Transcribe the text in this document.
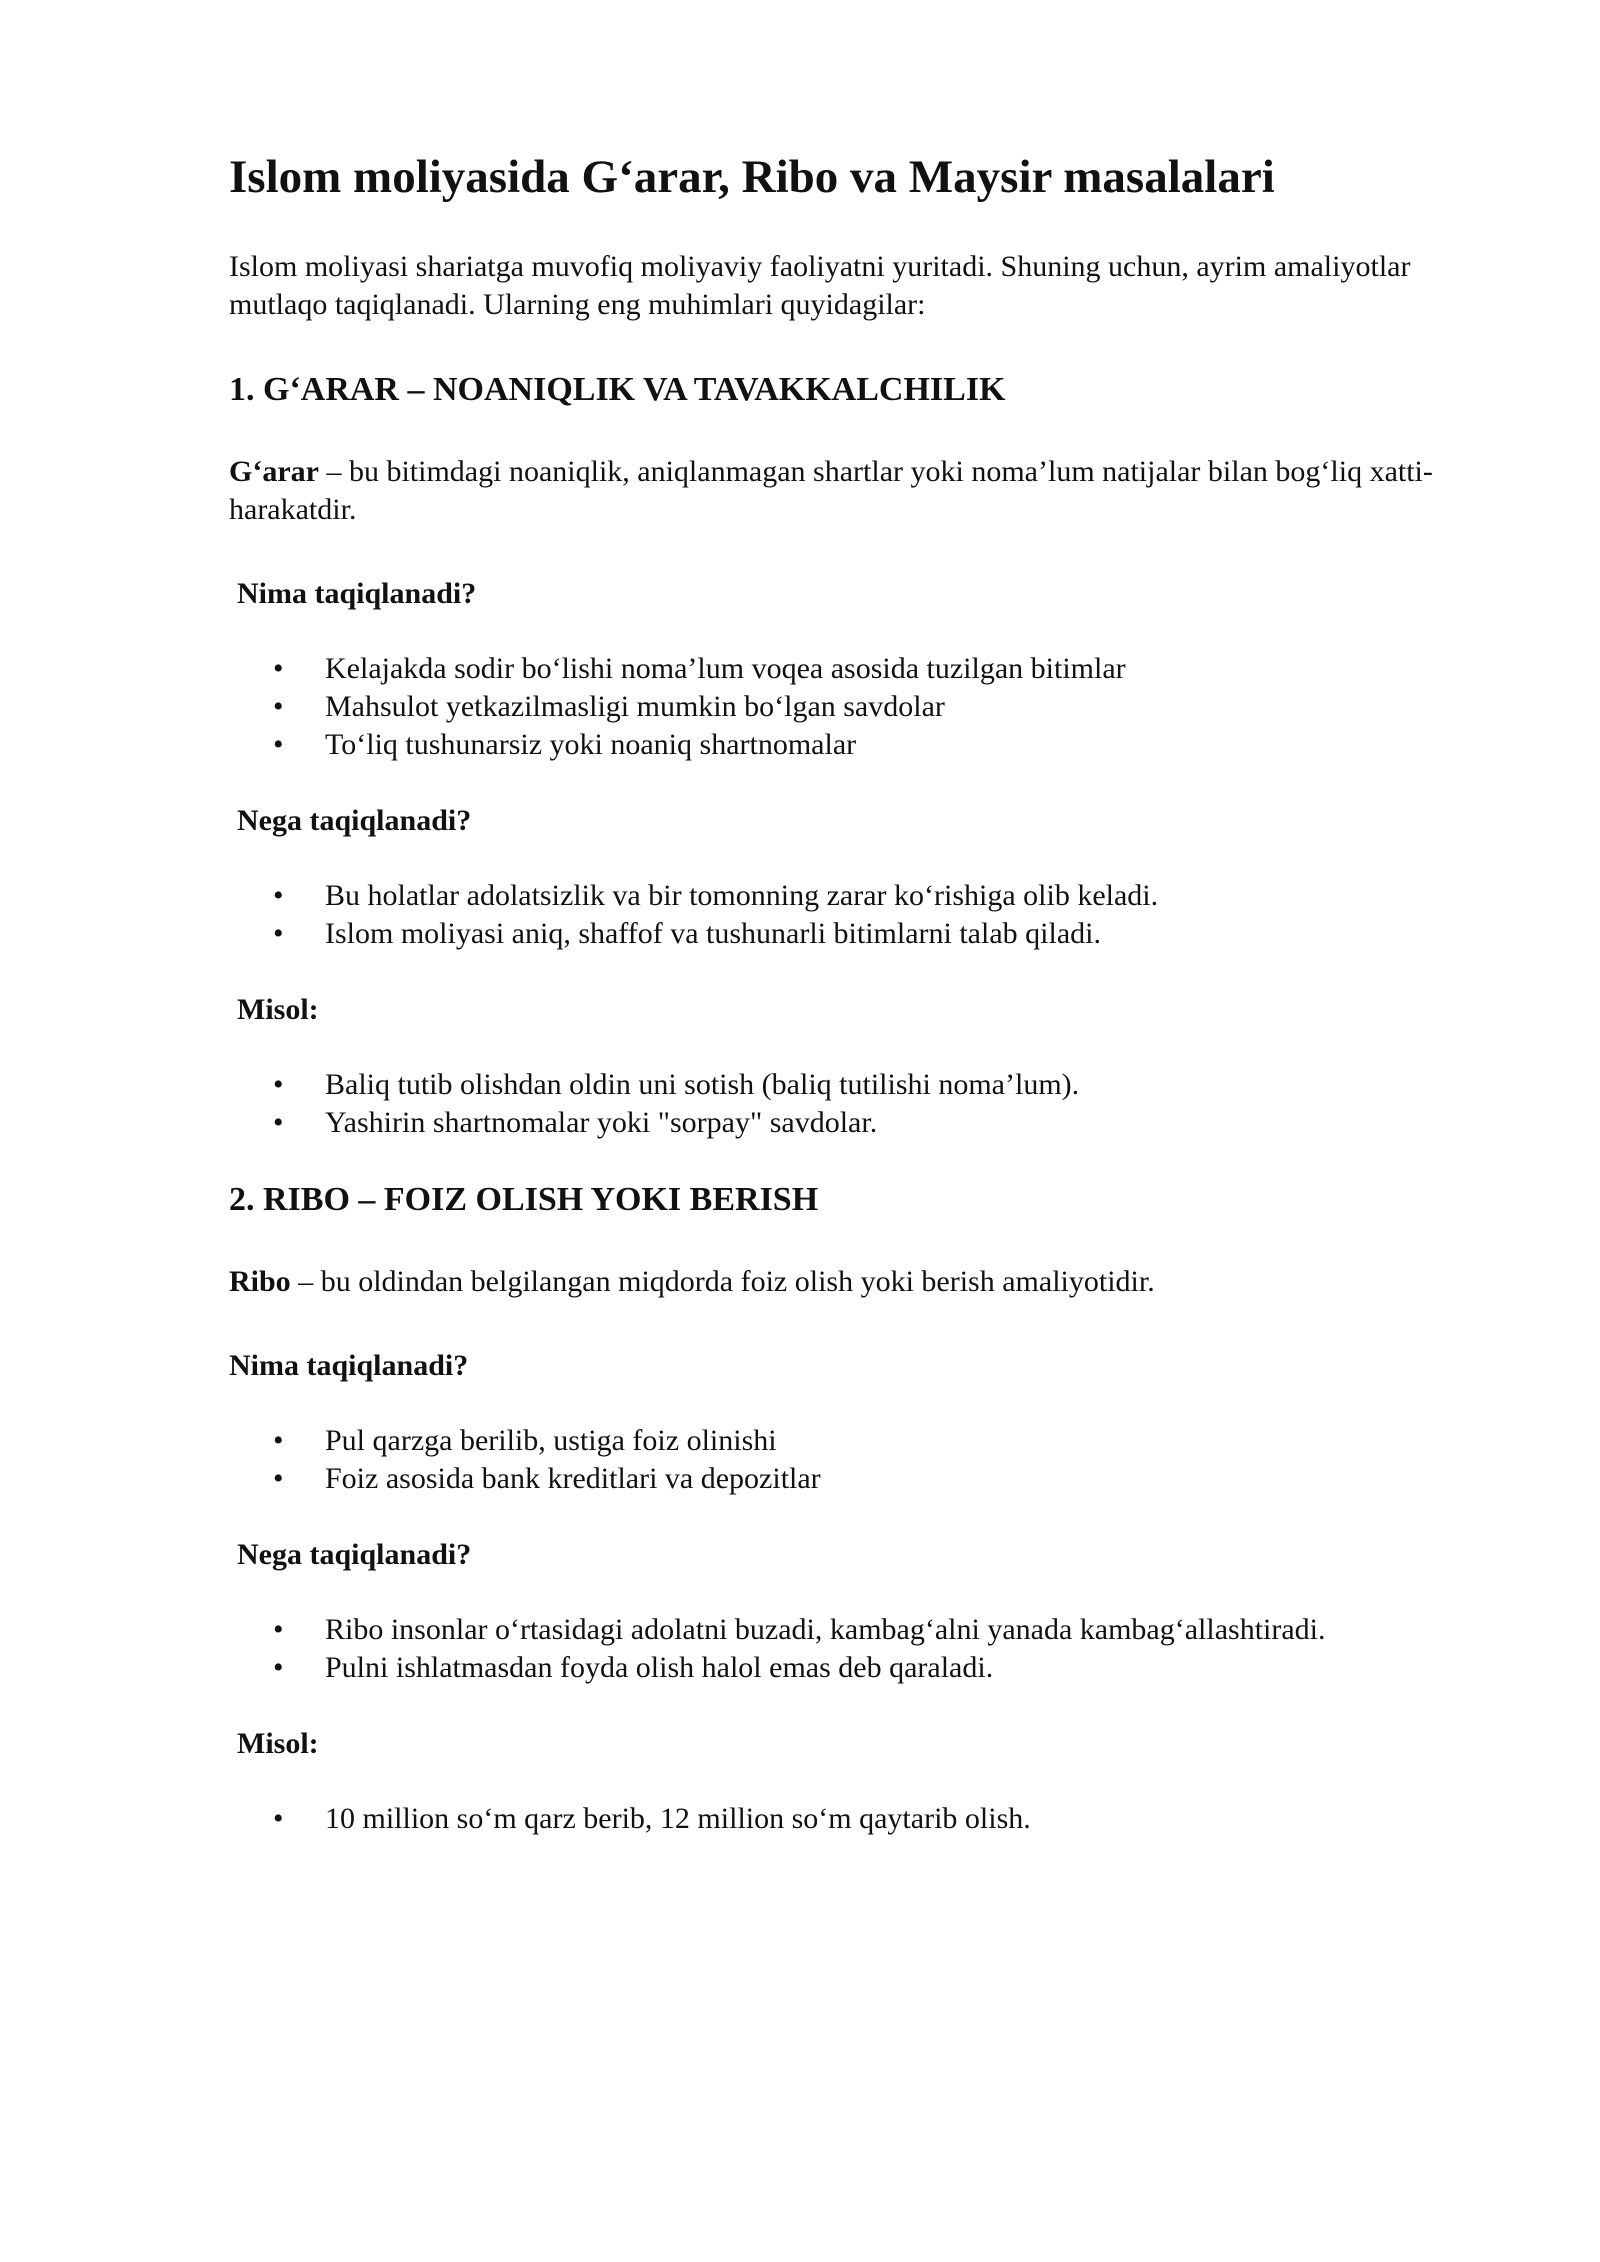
Islom moliyasida G‘arar, Ribo va Maysir masalalari

Islom moliyasi shariatga muvofiq moliyaviy faoliyatni yuritadi. Shuning uchun, ayrim amaliyotlar mutlaqo taqiqlanadi. Ularning eng muhimlari quyidagilar:

1. G‘ARAR – NOANIQLIK VA TAVAKKALCHILIK

G‘arar – bu bitimdagi noaniqlik, aniqlanmagan shartlar yoki noma’lum natijalar bilan bog‘liq xatti-harakatdir.

Nima taqiqlanadi?
• Kelajakda sodir bo‘lishi noma’lum voqea asosida tuzilgan bitimlar
• Mahsulot yetkazilmasligi mumkin bo‘lgan savdolar
• To‘liq tushunarsiz yoki noaniq shartnomalar
Nega taqiqlanadi?
• Bu holatlar adolatsizlik va bir tomonning zarar ko‘rishiga olib keladi.
• Islom moliyasi aniq, shaffof va tushunarli bitimlarni talab qiladi.
Misol:
• Baliq tutib olishdan oldin uni sotish (baliq tutilishi noma’lum).
• Yashirin shartnomalar yoki "sorpay" savdolar.
2. RIBO – FOIZ OLISH YOKI BERISH

Ribo – bu oldindan belgilangan miqdorda foiz olish yoki berish amaliyotidir.

Nima taqiqlanadi?
• Pul qarzga berilib, ustiga foiz olinishi
• Foiz asosida bank kreditlari va depozitlar
Nega taqiqlanadi?
• Ribo insonlar o‘rtasidagi adolatni buzadi, kambag‘alni yanada kambag‘allashtiradi.
• Pulni ishlatmasdan foyda olish halol emas deb qaraladi.
Misol:
• 10 million so‘m qarz berib, 12 million so‘m qaytarib olish.
